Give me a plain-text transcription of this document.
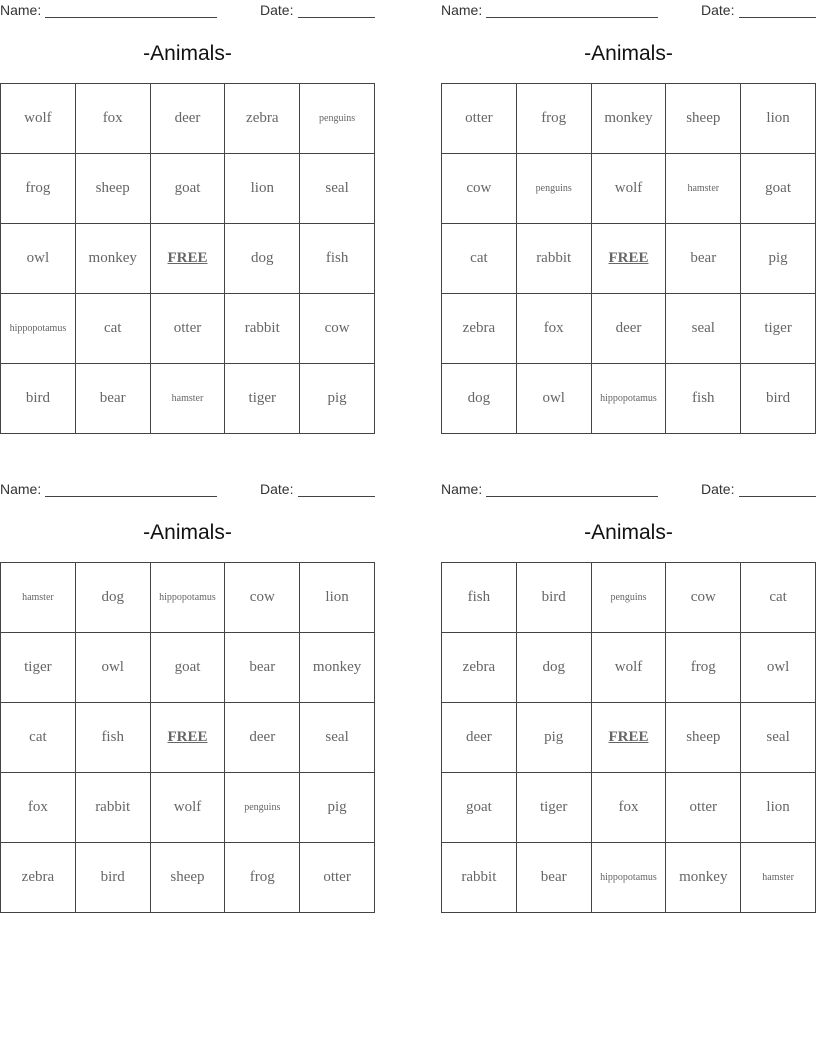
Name:	Date:
-Animals-
wolf	fox	deer	zebra	penguins
frog	sheep	goat	lion	seal
owl	monkey	FREE	dog	fish
hippopotamus	cat	otter	rabbit	cow
bird	bear	hamster	tiger	pig
Name:	Date:
-Animals-
otter	frog	monkey	sheep	lion
cow	penguins	wolf	hamster	goat
cat	rabbit	FREE	bear	pig
zebra	fox	deer	seal	tiger
dog	owl	hippopotamus	fish	bird
Name:	Date:
-Animals-
hamster	dog	hippopotamus	cow	lion
tiger	owl	goat	bear	monkey
cat	fish	FREE	deer	seal
fox	rabbit	wolf	penguins	pig
zebra	bird	sheep	frog	otter
Name:	Date:
-Animals-
fish	bird	penguins	cow	cat
zebra	dog	wolf	frog	owl
deer	pig	FREE	sheep	seal
goat	tiger	fox	otter	lion
rabbit	bear	hippopotamus	monkey	hamster
